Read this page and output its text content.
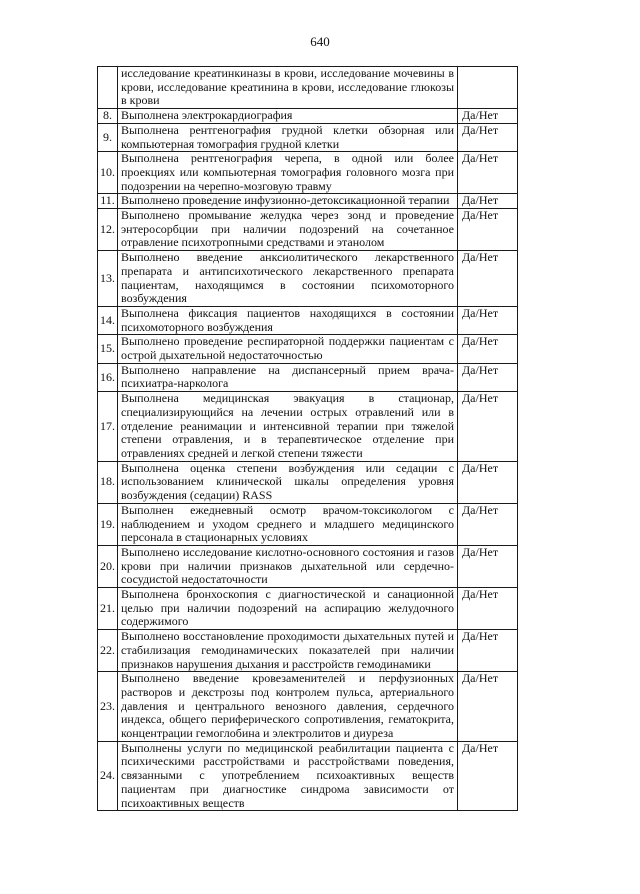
640
	исследование креатинкиназы в крови, исследование мочевины в крови, исследование креатинина в крови, исследование глюкозы в крови	
8.	Выполнена электрокардиография	Да/Нет
9.	Выполнена рентгенография грудной клетки обзорная или компьютерная томография грудной клетки	Да/Нет
10.	Выполнена рентгенография черепа, в одной или более проекциях или компьютерная томография головного мозга при подозрении на черепно-мозговую травму	Да/Нет
11.	Выполнено проведение инфузионно-детоксикационной терапии	Да/Нет
12.	Выполнено промывание желудка через зонд и проведение энтеросорбции при наличии подозрений на сочетанное отравление психотропными средствами и этанолом	Да/Нет
13.	Выполнено введение анксиолитического лекарственного препарата и антипсихотического лекарственного препарата пациентам, находящимся в состоянии психомоторного возбуждения	Да/Нет
14.	Выполнена фиксация пациентов находящихся в состоянии психомоторного возбуждения	Да/Нет
15.	Выполнено проведение респираторной поддержки пациентам с острой дыхательной недостаточностью	Да/Нет
16.	Выполнено направление на диспансерный прием врача-психиатра-нарколога	Да/Нет
17.	Выполнена медицинская эвакуация в стационар, специализирующийся на лечении острых отравлений или в отделение реанимации и интенсивной терапии при тяжелой степени отравления, и в терапевтическое отделение при отравлениях средней и легкой степени тяжести	Да/Нет
18.	Выполнена оценка степени возбуждения или седации с использованием клинической шкалы определения уровня возбуждения (седации) RASS	Да/Нет
19.	Выполнен ежедневный осмотр врачом-токсикологом с наблюдением и уходом среднего и младшего медицинского персонала в стационарных условиях	Да/Нет
20.	Выполнено исследование кислотно-основного состояния и газов крови при наличии признаков дыхательной или сердечно-сосудистой недостаточности	Да/Нет
21.	Выполнена бронхоскопия с диагностической и санационной целью при наличии подозрений на аспирацию желудочного содержимого	Да/Нет
22.	Выполнено восстановление проходимости дыхательных путей и стабилизация гемодинамических показателей при наличии признаков нарушения дыхания и расстройств гемодинамики	Да/Нет
23.	Выполнено введение кровезаменителей и перфузионных растворов и декстрозы под контролем пульса, артериального давления и центрального венозного давления, сердечного индекса, общего периферического сопротивления, гематокрита, концентрации гемоглобина и электролитов и диуреза	Да/Нет
24.	Выполнены услуги по медицинской реабилитации пациента с психическими расстройствами и расстройствами поведения, связанными с употреблением психоактивных веществ пациентам при диагностике синдрома зависимости от психоактивных веществ	Да/Нет
